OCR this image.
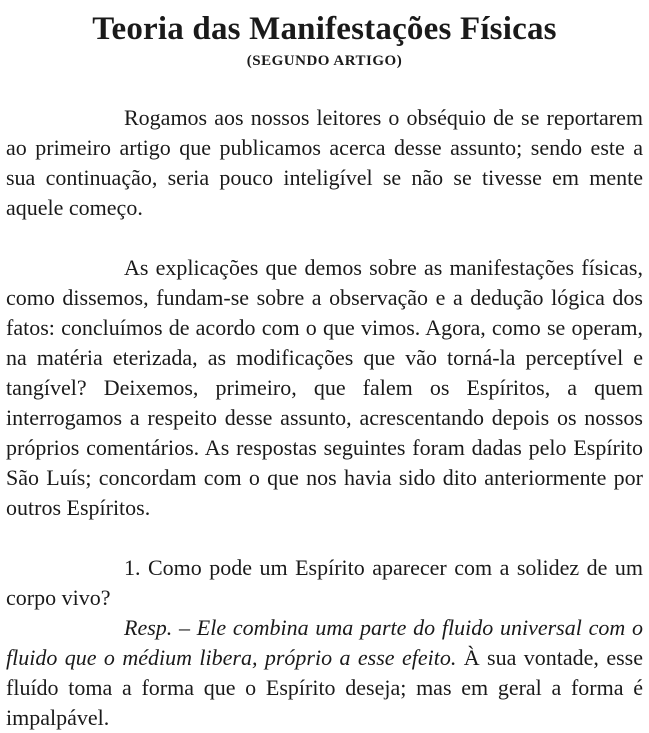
Teoria das Manifestações Físicas
(SEGUNDO ARTIGO)

Rogamos aos nossos leitores o obséquio de se reportarem ao primeiro artigo que publicamos acerca desse assunto; sendo este a sua continuação, seria pouco inteligível se não se tivesse em mente aquele começo.

As explicações que demos sobre as manifestações físicas, como dissemos, fundam-se sobre a observação e a dedução lógica dos fatos: concluímos de acordo com o que vimos. Agora, como se operam, na matéria eterizada, as modificações que vão torná-la perceptível e tangível? Deixemos, primeiro, que falem os Espíritos, a quem interrogamos a respeito desse assunto, acrescentando depois os nossos próprios comentários. As respostas seguintes foram dadas pelo Espírito São Luís; concordam com o que nos havia sido dito anteriormente por outros Espíritos.

1. Como pode um Espírito aparecer com a solidez de um corpo vivo?

Resp. – Ele combina uma parte do fluido universal com o fluido que o médium libera, próprio a esse efeito. À sua vontade, esse fluído toma a forma que o Espírito deseja; mas em geral a forma é impalpável.
